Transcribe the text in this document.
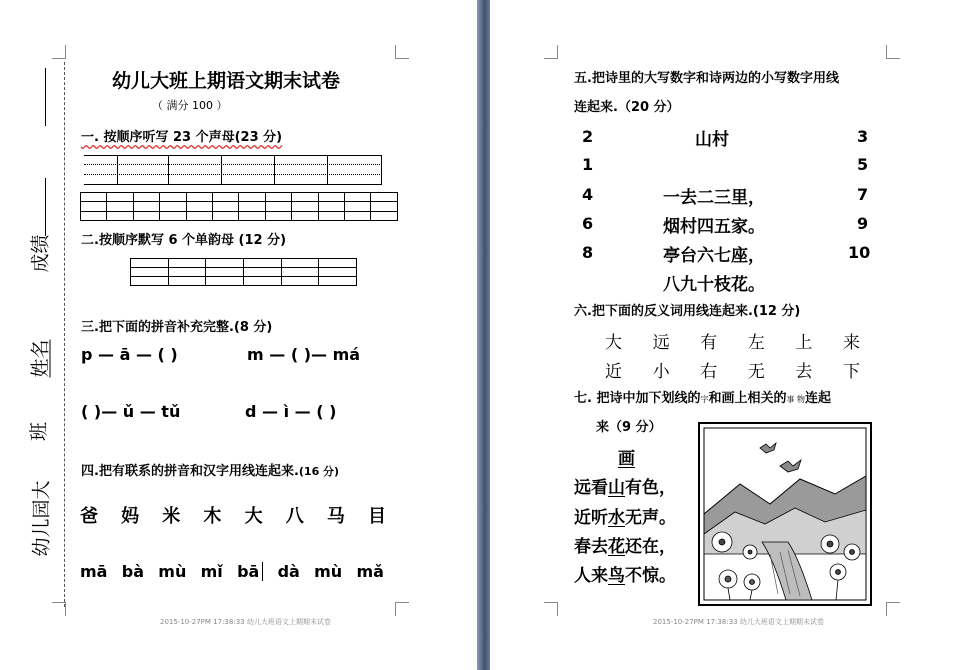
成绩
姓名
班
幼儿园大
幼儿大班上期语文期末试卷
（ 满分 100 ）
一. 按顺序听写 23 个声母(23 分)

二.按顺序默写 6 个单韵母 (12 分)

三.把下面的拼音补充完整.(8 分)
p — ā — ( )	m — ( )— má
( )— ǔ — tǔ	d — ì — ( )
四.把有联系的拼音和汉字用线连起来.(16 分)
爸 妈 米 木 大 八 马 目
mā bà mù mǐ bā dà mù mǎ
2015-10-27PM 17:38:33 幼儿大班语文上期期末试卷
五.把诗里的大写数字和诗两边的小写数字用线
连起来.（20 分）
2
1
4
6
8
3
5
7
9
10
山村
一去二三里，
烟村四五家。
亭台六七座，
八九十枝花。
六.把下面的反义词用线连起来.(12 分)
大 远 有 左 上 来
近 小 右 无 去 下
七. 把诗中加下划线的字和画上相关的事 物连起
来（9 分）
画
远看山有色，
近听水无声。
春去花还在，
人来鸟不惊。
2015-10-27PM 17:38:33 幼儿大班语文上期期末试卷
